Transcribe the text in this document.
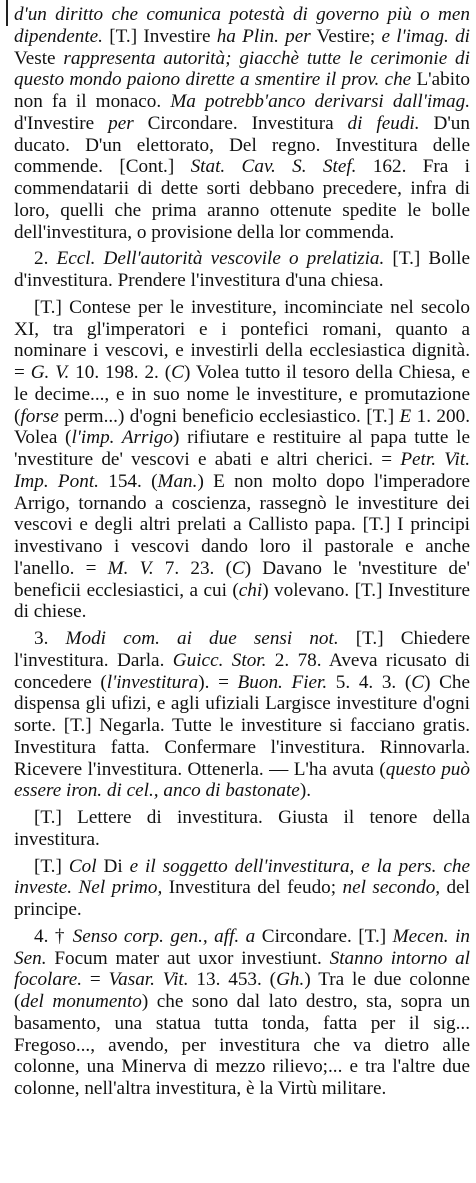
d'un diritto che comunica potestà di governo più o men dipendente. [T.] Investire ha Plin. per Vestire; e l'imag. di Veste rappresenta autorità; giacchè tutte le cerimonie di questo mondo paiono dirette a smentire il prov. che L'abito non fa il monaco. Ma potrebb'anco derivarsi dall'imag. d'Investire per Circondare. Investitura di feudi. D'un ducato. D'un elettorato, Del regno. Investitura delle commende. [Cont.] Stat. Cav. S. Stef. 162. Fra i commendatarii di dette sorti debbano precedere, infra di loro, quelli che prima aranno ottenute spedite le bolle dell'investitura, o provisione della lor commenda.

2. Eccl. Dell'autorità vescovile o prelatizia. [T.] Bolle d'investitura. Prendere l'investitura d'una chiesa.

[T.] Contese per le investiture, incominciate nel secolo XI, tra gl'imperatori e i pontefici romani, quanto a nominare i vescovi, e investirli della ecclesiastica dignità. = G. V. 10. 198. 2. (C) Volea tutto il tesoro della Chiesa, e le decime..., e in suo nome le investiture, e promutazione (forse perm...) d'ogni beneficio ecclesiastico. [T.] E 1. 200. Volea (l'imp. Arrigo) rifiutare e restituire al papa tutte le 'nvestiture de' vescovi e abati e altri cherici. = Petr. Vit. Imp. Pont. 154. (Man.) E non molto dopo l'imperadore Arrigo, tornando a coscienza, rassegnò le investiture dei vescovi e degli altri prelati a Callisto papa. [T.] I principi investivano i vescovi dando loro il pastorale e anche l'anello. = M. V. 7. 23. (C) Davano le 'nvestiture de' beneficii ecclesiastici, a cui (chi) volevano. [T.] Investiture di chiese.

3. Modi com. ai due sensi not. [T.] Chiedere l'investitura. Darla. Guicc. Stor. 2. 78. Aveva ricusato di concedere (l'investitura). = Buon. Fier. 5. 4. 3. (C) Che dispensa gli ufizi, e agli ufiziali Largisce investiture d'ogni sorte. [T.] Negarla. Tutte le investiture si facciano gratis. Investitura fatta. Confermare l'investitura. Rinnovarla. Ricevere l'investitura. Ottenerla. — L'ha avuta (questo può essere iron. di cel., anco di bastonate).

[T.] Lettere di investitura. Giusta il tenore della investitura.

[T.] Col Di e il soggetto dell'investitura, e la pers. che investe. Nel primo, Investitura del feudo; nel secondo, del principe.

4. † Senso corp. gen., aff. a Circondare. [T.] Mecen. in Sen. Focum mater aut uxor investiunt. Stanno intorno al focolare. = Vasar. Vit. 13. 453. (Gh.) Tra le due colonne (del monumento) che sono dal lato destro, sta, sopra un basamento, una statua tutta tonda, fatta per il sig... Fregoso..., avendo, per investitura che va dietro alle colonne, una Minerva di mezzo rilievo;... e tra l'altre due colonne, nell'altra investitura, è la Virtù militare.
